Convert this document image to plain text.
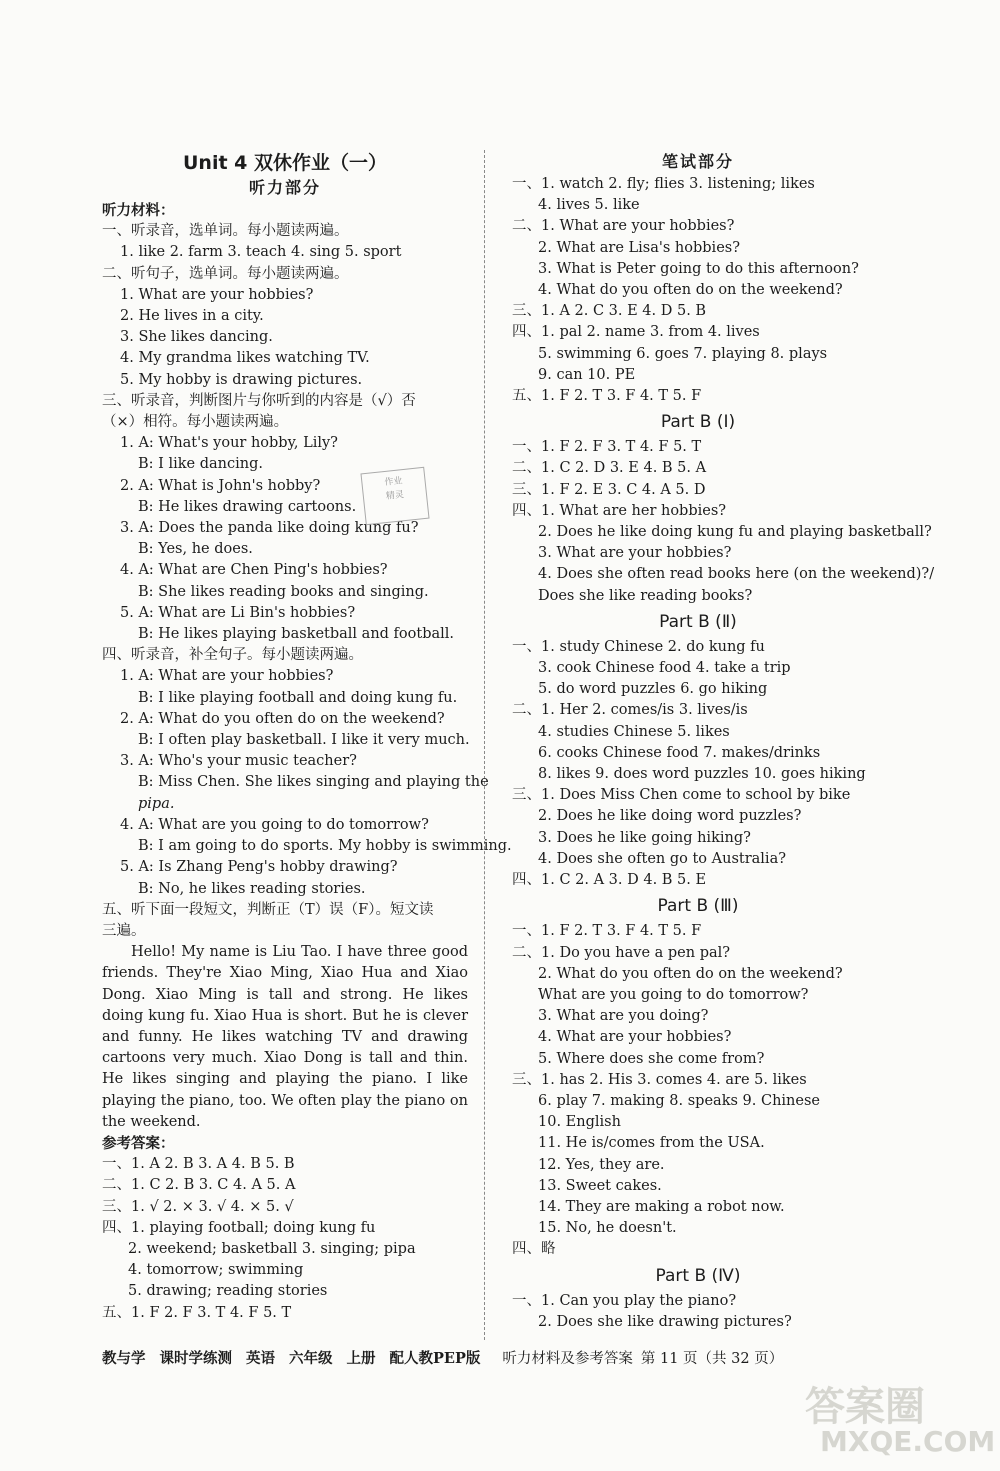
Unit 4 双休作业（一）
听力部分
听力材料：
一、听录音，选单词。每小题读两遍。
1. like 2. farm 3. teach 4. sing 5. sport
二、听句子，选单词。每小题读两遍。
1. What are your hobbies?
2. He lives in a city.
3. She likes dancing.
4. My grandma likes watching TV.
5. My hobby is drawing pictures.
三、听录音，判断图片与你听到的内容是（√）否
（×）相符。每小题读两遍。
1. A: What's your hobby, Lily?
B: I like dancing.
2. A: What is John's hobby?
B: He likes drawing cartoons.
3. A: Does the panda like doing kung fu?
B: Yes, he does.
4. A: What are Chen Ping's hobbies?
B: She likes reading books and singing.
5. A: What are Li Bin's hobbies?
B: He likes playing basketball and football.
四、听录音，补全句子。每小题读两遍。
1. A: What are your hobbies?
B: I like playing football and doing kung fu.
2. A: What do you often do on the weekend?
B: I often play basketball. I like it very much.
3. A: Who's your music teacher?
B: Miss Chen. She likes singing and playing the
pipa.
4. A: What are you going to do tomorrow?
B: I am going to do sports. My hobby is swimming.
5. A: Is Zhang Peng's hobby drawing?
B: No, he likes reading stories.
五、听下面一段短文，判断正（T）误（F）。短文读
三遍。
Hello! My name is Liu Tao. I have three good friends. They're Xiao Ming, Xiao Hua and Xiao Dong. Xiao Ming is tall and strong. He likes doing kung fu. Xiao Hua is short. But he is clever and funny. He likes watching TV and drawing cartoons very much. Xiao Dong is tall and thin. He likes singing and playing the piano. I like playing the piano, too. We often play the piano on the weekend.
参考答案：
一、1. A 2. B 3. A 4. B 5. B
二、1. C 2. B 3. C 4. A 5. A
三、1. √ 2. × 3. √ 4. × 5. √
四、1. playing football; doing kung fu
2. weekend; basketball 3. singing; pipa
4. tomorrow; swimming
5. drawing; reading stories
五、1. F 2. F 3. T 4. F 5. T
笔试部分
一、1. watch 2. fly; flies 3. listening; likes
4. lives 5. like
二、1. What are your hobbies?
2. What are Lisa's hobbies?
3. What is Peter going to do this afternoon?
4. What do you often do on the weekend?
三、1. A 2. C 3. E 4. D 5. B
四、1. pal 2. name 3. from 4. lives
5. swimming 6. goes 7. playing 8. plays
9. can 10. PE
五、1. F 2. T 3. F 4. T 5. F
Part B (Ⅰ)
一、1. F 2. F 3. T 4. F 5. T
二、1. C 2. D 3. E 4. B 5. A
三、1. F 2. E 3. C 4. A 5. D
四、1. What are her hobbies?
2. Does he like doing kung fu and playing basketball?
3. What are your hobbies?
4. Does she often read books here (on the weekend)?/
Does she like reading books?
Part B (Ⅱ)
一、1. study Chinese 2. do kung fu
3. cook Chinese food 4. take a trip
5. do word puzzles 6. go hiking
二、1. Her 2. comes/is 3. lives/is
4. studies Chinese 5. likes
6. cooks Chinese food 7. makes/drinks
8. likes 9. does word puzzles 10. goes hiking
三、1. Does Miss Chen come to school by bike
2. Does he like doing word puzzles?
3. Does he like going hiking?
4. Does she often go to Australia?
四、1. C 2. A 3. D 4. B 5. E
Part B (Ⅲ)
一、1. F 2. T 3. F 4. T 5. F
二、1. Do you have a pen pal?
2. What do you often do on the weekend?
What are you going to do tomorrow?
3. What are you doing?
4. What are your hobbies?
5. Where does she come from?
三、1. has 2. His 3. comes 4. are 5. likes
6. play 7. making 8. speaks 9. Chinese
10. English
11. He is/comes from the USA.
12. Yes, they are.
13. Sweet cakes.
14. They are making a robot now.
15. No, he doesn't.
四、略
Part B (Ⅳ)
一、1. Can you play the piano?
2. Does she like drawing pictures?
作业
精灵
教与学 课时学练测 英语 六年级 上册 配人教PEP版 听力材料及参考答案 第 11 页（共 32 页）
答案圈
MXQE.COM
